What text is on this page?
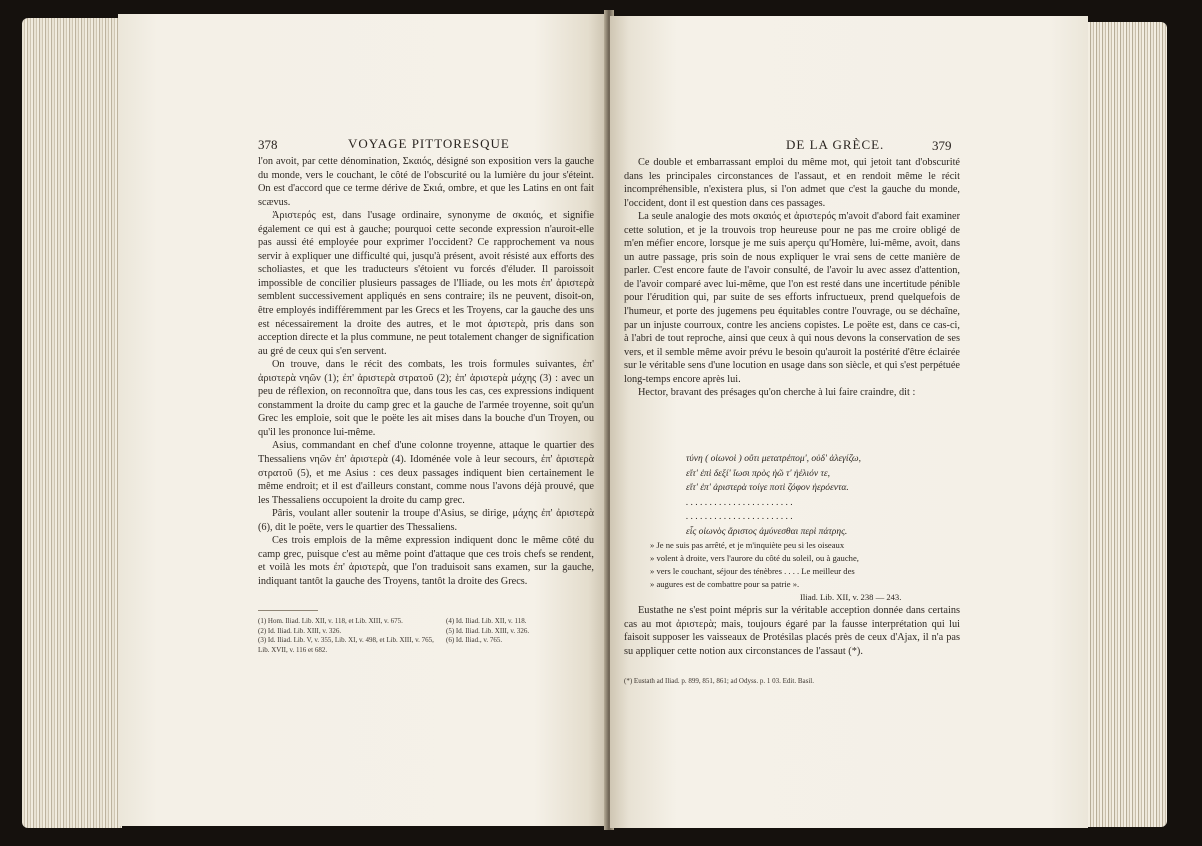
378	VOYAGE PITTORESQUE

l'on avoit, par cette dénomination, Σκαιός, désigné son exposition vers la gauche du monde, vers le couchant, le côté de l'obscurité ou la lumière du jour s'éteint. On est d'accord que ce terme dérive de Σκιά, ombre, et que les Latins en ont fait scævus.

Ἀριστερός est, dans l'usage ordinaire, synonyme de σκαιός, et signifie également ce qui est à gauche; pourquoi cette seconde expression n'auroit-elle pas aussi été employée pour exprimer l'occident? Ce rapprochement va nous servir à expliquer une difficulté qui, jusqu'à présent, avoit résisté aux efforts des scholiastes, et que les traducteurs s'étoient vu forcés d'éluder. Il paroissoit impossible de concilier plusieurs passages de l'Iliade, ou les mots ἐπ' ἀριστερὰ semblent successivement appliqués en sens contraire; ils ne peuvent, disoit-on, être employés indifféremment par les Grecs et les Troyens, car la gauche des uns est nécessairement la droite des autres, et le mot ἀριστερὰ, pris dans son acception directe et la plus commune, ne peut totalement changer de signification au gré de ceux qui s'en servent.

On trouve, dans le récit des combats, les trois formules suivantes, ἐπ' ἀριστερὰ νηῶν (1); ἐπ' ἀριστερὰ στρατοῦ (2); ἐπ' ἀριστερὰ μάχης (3) : avec un peu de réflexion, on reconnoîtra que, dans tous les cas, ces expressions indiquent constamment la droite du camp grec et la gauche de l'armée troyenne, soit qu'un Grec les emploie, soit que le poëte les ait mises dans la bouche d'un Troyen, ou qu'il les prononce lui-même.

Asius, commandant en chef d'une colonne troyenne, attaque le quartier des Thessaliens νηῶν ἐπ' ἀριστερὰ (4). Idoménée vole à leur secours, ἐπ' ἀριστερὰ στρατοῦ (5), et me Asius : ces deux passages indiquent bien certainement le même endroit; et il est d'ailleurs constant, comme nous l'avons déjà prouvé, que les Thessaliens occupoient la droite du camp grec.

Pâris, voulant aller soutenir la troupe d'Asius, se dirige, μάχης ἐπ' ἀριστερὰ (6), dit le poëte, vers le quartier des Thessaliens.

Ces trois emplois de la même expression indiquent donc le même côté du camp grec, puisque c'est au même point d'attaque que ces trois chefs se rendent, et voilà les mots ἐπ' ἀριστερὰ, que l'on traduisoit sans examen, sur la gauche, indiquant tantôt la gauche des Troyens, tantôt la droite des Grecs.

(1) Hom. Iliad. Lib. XII, v. 118, et Lib. XIII, v. 675.
(2) Id. Iliad. Lib. XIII, v. 326.
(3) Id. Iliad. Lib. V, v. 355, Lib. XI, v. 498, et Lib. XIII, v. 765, Lib. XVII, v. 116 et 682.
(4) Id. Iliad. Lib. XII, v. 118.
(5) Id. Iliad. Lib. XIII, v. 326.
(6) Id. Iliad., v. 765.
DE LA GRÈCE.	379

Ce double et embarrassant emploi du même mot, qui jetoit tant d'obscurité dans les principales circonstances de l'assaut, et en rendoit même le récit incompréhensible, n'existera plus, si l'on admet que c'est la gauche du monde, l'occident, dont il est question dans ces passages.

La seule analogie des mots σκαιός et ἀριστερός m'avoit d'abord fait examiner cette solution, et je la trouvois trop heureuse pour ne pas me croire obligé de m'en méfier encore, lorsque je me suis aperçu qu'Homère, lui-même, avoit, dans un autre passage, pris soin de nous expliquer le vrai sens de cette manière de parler. C'est encore faute de l'avoir consulté, de l'avoir lu avec assez d'attention, de l'avoir comparé avec lui-même, que l'on est resté dans une incertitude pénible pour l'érudition qui, par suite de ses efforts infructueux, prend quelquefois de l'humeur, et porte des jugemens peu équitables contre l'ouvrage, ou se déchaîne, par un injuste courroux, contre les anciens copistes. Le poëte est, dans ce cas-ci, à l'abri de tout reproche, ainsi que ceux à qui nous devons la conservation de ses vers, et il semble même avoir prévu le besoin qu'auroit la postérité d'être éclairée sur le véritable sens d'une locution en usage dans son siècle, et qui s'est perpétuée long-temps encore après lui.

Hector, bravant des présages qu'on cherche à lui faire craindre, dit :

τύνη ( οἰωνοὶ ) οὔτι μετατρέπομ', οὐδ' ἀλεγίζω,
εἴτ' ἐπὶ δεξί' ἴωσι πρὸς ἠῶ τ' ἠέλιόν τε,
εἴτ' ἐπ' ἀριστερὰ τοίγε ποτὶ ζόφον ἠερόεντα.
. . . . . . . . . . . . . . . . . . . . . . .
. . . . . . . . . . . . . . . . . . . . . . .
εἷς οἰωνὸς ἄριστος ἀμύνεσθαι περὶ πάτρης.
» Je ne suis pas arrêté, et je m'inquiète peu si les oiseaux
» volent à droite, vers l'aurore du côté du soleil, ou à gauche,
» vers le couchant, séjour des ténèbres . . . . Le meilleur des
» augures est de combattre pour sa patrie ».
Iliad. Lib. XII, v. 238 — 243.

Eustathe ne s'est point mépris sur la véritable acception donnée dans certains cas au mot ἀριστερὰ; mais, toujours égaré par la fausse interprétation qui lui faisoit supposer les vaisseaux de Protésilas placés près de ceux d'Ajax, il n'a pas su appliquer cette notion aux circonstances de l'assaut (*).

(*) Eustath ad Iliad. p. 899, 851, 861; ad Odyss. p. 1 03. Edit. Basil.
